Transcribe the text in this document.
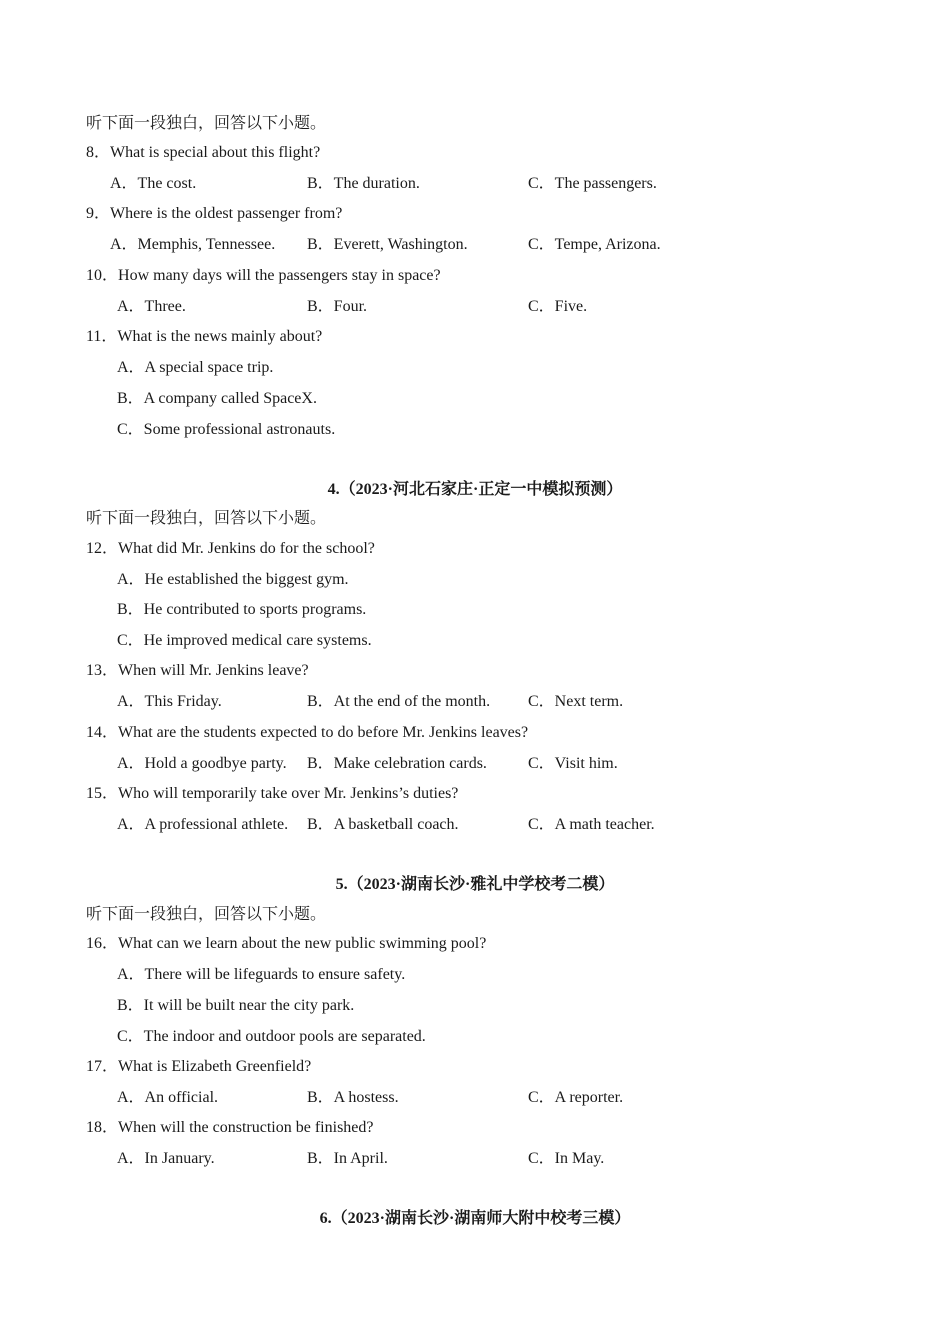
听下面一段独白，回答以下小题。
8．What is special about this flight?
A．The cost.	B．The duration.	C．The passengers.
9．Where is the oldest passenger from?
A．Memphis, Tennessee. B．Everett, Washington.	C．Tempe, Arizona.
10．How many days will the passengers stay in space?
A．Three.	B．Four.	C．Five.
11．What is the news mainly about?
A．A special space trip.
B．A company called SpaceX.
C．Some professional astronauts.
4.（2023·河北石家庄·正定一中模拟预测）
听下面一段独白，回答以下小题。
12．What did Mr. Jenkins do for the school?
A．He established the biggest gym.
B．He contributed to sports programs.
C．He improved medical care systems.
13．When will Mr. Jenkins leave?
A．This Friday.	B．At the end of the month. C．Next term.
14．What are the students expected to do before Mr. Jenkins leaves?
A．Hold a goodbye party. B．Make celebration cards.	C．Visit him.
15．Who will temporarily take over Mr. Jenkins’s duties?
A．A professional athlete. B．A basketball coach.	C．A math teacher.
5.（2023·湖南长沙·雅礼中学校考二模）
听下面一段独白，回答以下小题。
16．What can we learn about the new public swimming pool?
A．There will be lifeguards to ensure safety.
B．It will be built near the city park.
C．The indoor and outdoor pools are separated.
17．What is Elizabeth Greenfield?
A．An official.	B．A hostess.	C．A reporter.
18．When will the construction be finished?
A．In January.	B．In April.	C．In May.
6.（2023·湖南长沙·湖南师大附中校考三模）
